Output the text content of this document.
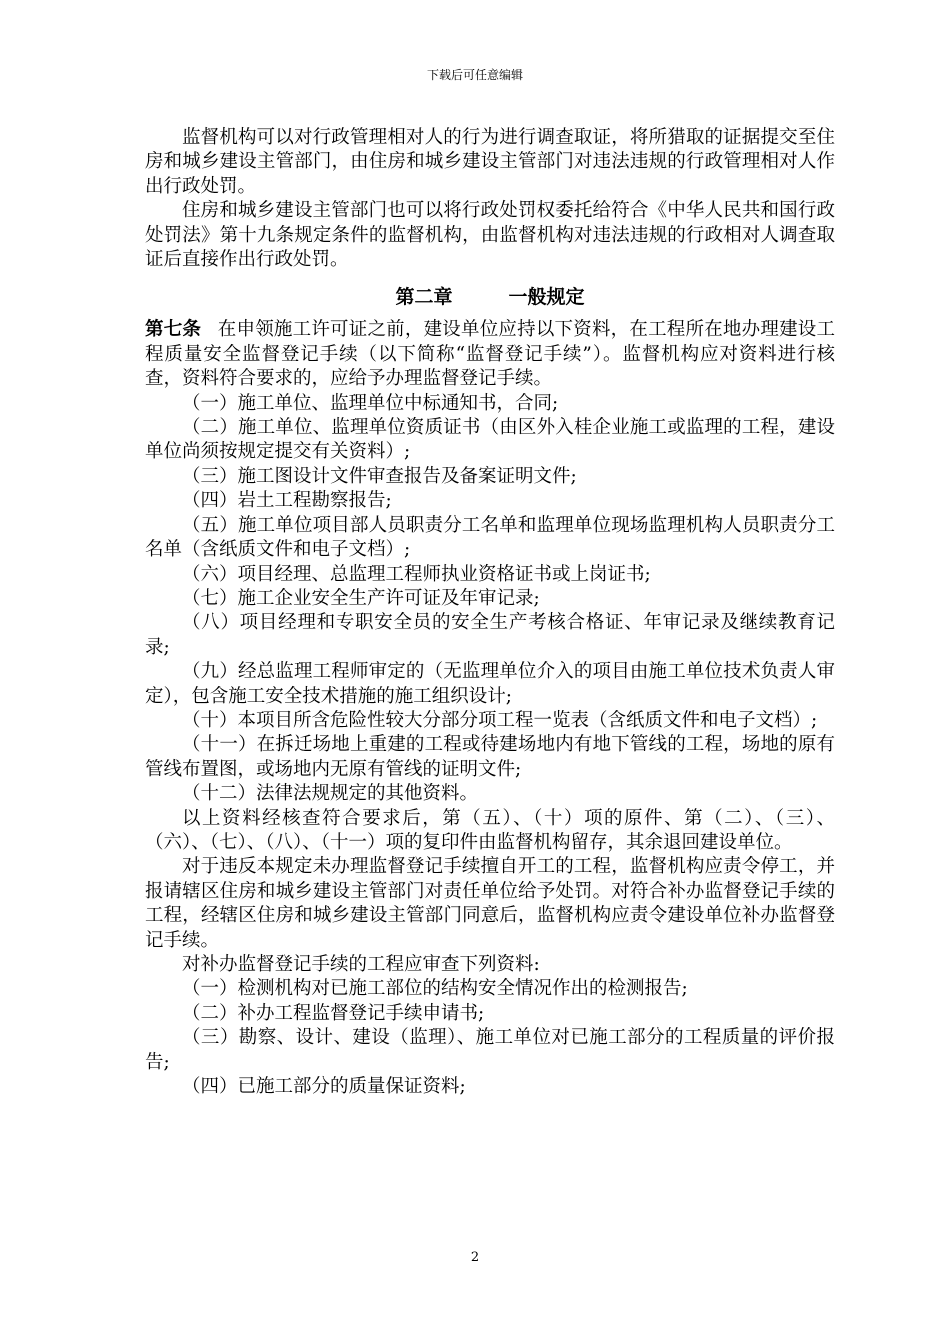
下载后可任意编辑

监督机构可以对行政管理相对人的行为进行调查取证，将所猎取的证据提交至住房和城乡建设主管部门，由住房和城乡建设主管部门对违法违规的行政管理相对人作出行政处罚。

住房和城乡建设主管部门也可以将行政处罚权委托给符合《中华人民共和国行政处罚法》第十九条规定条件的监督机构，由监督机构对违法违规的行政相对人调查取证后直接作出行政处罚。

第二章	一般规定

第七条 在申领施工许可证之前，建设单位应持以下资料，在工程所在地办理建设工程质量安全监督登记手续（以下简称“监督登记手续”）。监督机构应对资料进行核查，资料符合要求的，应给予办理监督登记手续。

（一）施工单位、监理单位中标通知书，合同;

（二）施工单位、监理单位资质证书（由区外入桂企业施工或监理的工程，建设单位尚须按规定提交有关资料）;

（三）施工图设计文件审查报告及备案证明文件;

（四）岩土工程勘察报告;

（五）施工单位项目部人员职责分工名单和监理单位现场监理机构人员职责分工名单（含纸质文件和电子文档）;

（六）项目经理、总监理工程师执业资格证书或上岗证书;

（七）施工企业安全生产许可证及年审记录;

（八）项目经理和专职安全员的安全生产考核合格证、年审记录及继续教育记录;

（九）经总监理工程师审定的（无监理单位介入的项目由施工单位技术负责人审定），包含施工安全技术措施的施工组织设计;

（十）本项目所含危险性较大分部分项工程一览表（含纸质文件和电子文档）;

（十一）在拆迁场地上重建的工程或待建场地内有地下管线的工程，场地的原有管线布置图，或场地内无原有管线的证明文件;

（十二）法律法规规定的其他资料。

以上资料经核查符合要求后，第（五）、（十）项的原件、第（二）、（三）、（六）、（七）、（八）、（十一）项的复印件由监督机构留存，其余退回建设单位。

对于违反本规定未办理监督登记手续擅自开工的工程，监督机构应责令停工，并报请辖区住房和城乡建设主管部门对责任单位给予处罚。对符合补办监督登记手续的工程，经辖区住房和城乡建设主管部门同意后，监督机构应责令建设单位补办监督登记手续。

对补办监督登记手续的工程应审查下列资料:

（一）检测机构对已施工部位的结构安全情况作出的检测报告;

（二）补办工程监督登记手续申请书;

（三）勘察、设计、建设（监理）、施工单位对已施工部分的工程质量的评价报告;

（四）已施工部分的质量保证资料;

2
